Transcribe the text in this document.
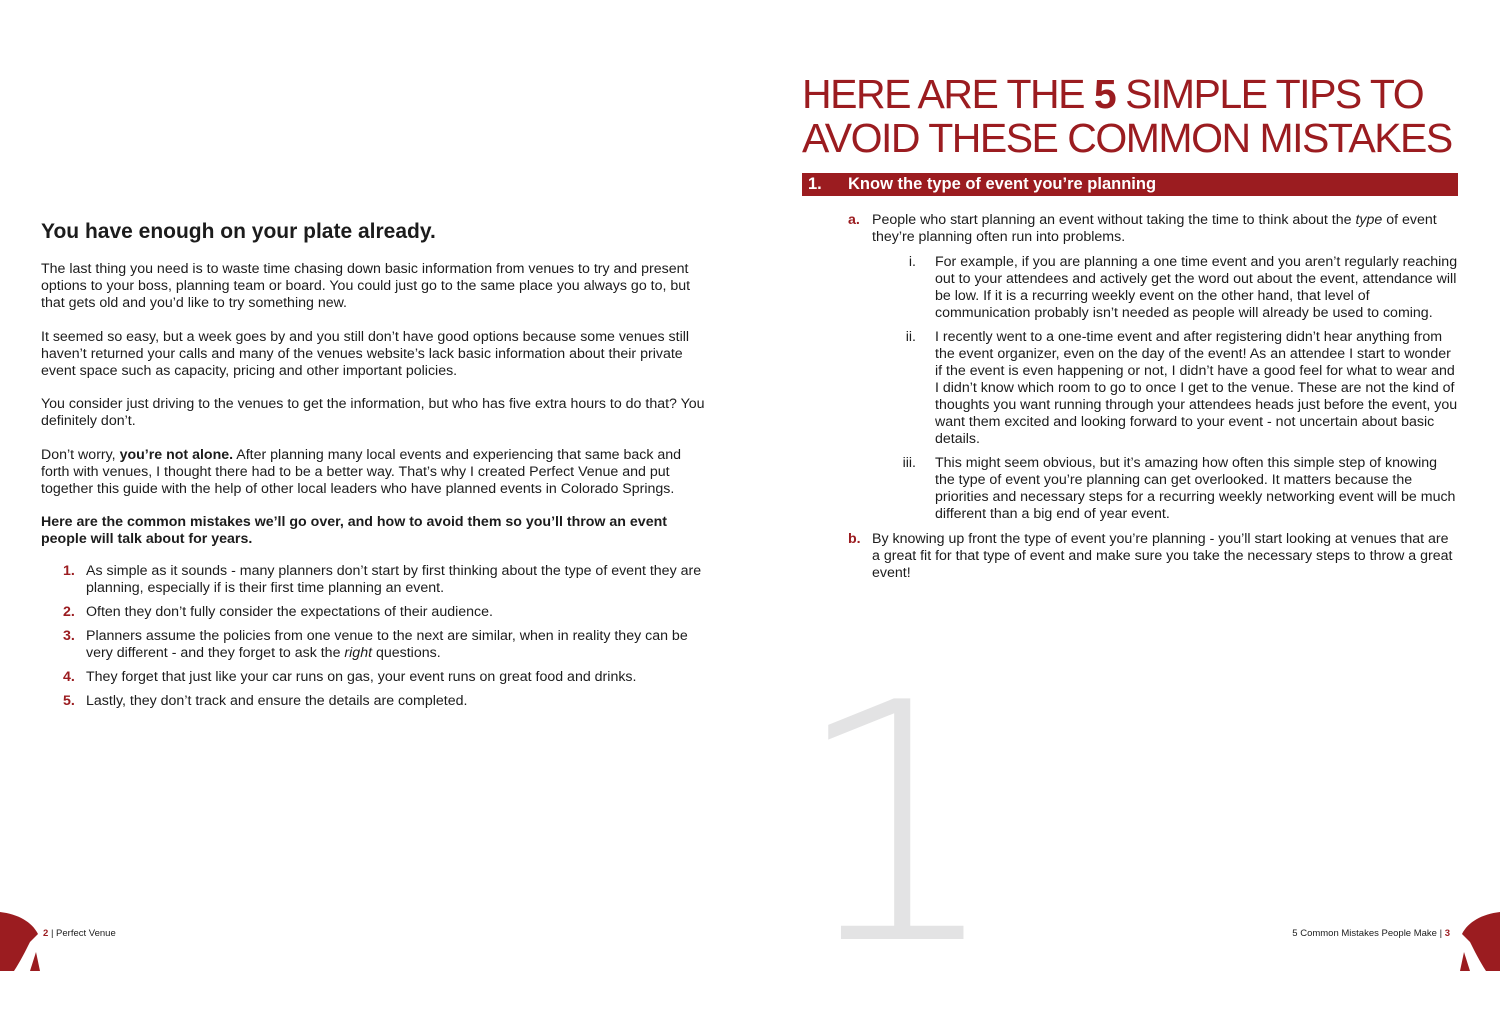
You have enough on your plate already.

The last thing you need is to waste time chasing down basic information from venues to try and present options to your boss, planning team or board. You could just go to the same place you always go to, but that gets old and you’d like to try something new.

It seemed so easy, but a week goes by and you still don’t have good options because some venues still haven’t returned your calls and many of the venues website’s lack basic information about their private event space such as capacity, pricing and other important policies.

You consider just driving to the venues to get the information, but who has five extra hours to do that? You definitely don’t.

Don’t worry, you’re not alone. After planning many local events and experiencing that same back and forth with venues, I thought there had to be a better way. That’s why I created Perfect Venue and put together this guide with the help of other local leaders who have planned events in Colorado Springs.

Here are the common mistakes we’ll go over, and how to avoid them so you’ll throw an event people will talk about for years.

1. As simple as it sounds - many planners don’t start by first thinking about the type of event they are planning, especially if is their first time planning an event.
2. Often they don’t fully consider the expectations of their audience.
3. Planners assume the policies from one venue to the next are similar, when in reality they can be very different - and they forget to ask the right questions.
4. They forget that just like your car runs on gas, your event runs on great food and drinks.
5. Lastly, they don’t track and ensure the details are completed.
2 | Perfect Venue 1
HERE ARE THE 5 SIMPLE TIPS TO
AVOID THESE COMMON MISTAKES
1. Know the type of event you’re planning
a. People who start planning an event without taking the time to think about the type of event they’re planning often run into problems.
i. For example, if you are planning a one time event and you aren’t regularly reaching out to your attendees and actively get the word out about the event, attendance will be low. If it is a recurring weekly event on the other hand, that level of communication probably isn’t needed as people will already be used to coming.
ii. I recently went to a one-time event and after registering didn’t hear anything from the event organizer, even on the day of the event! As an attendee I start to wonder if the event is even happening or not, I didn’t have a good feel for what to wear and I didn’t know which room to go to once I get to the venue. These are not the kind of thoughts you want running through your attendees heads just before the event, you want them excited and looking forward to your event - not uncertain about basic details.
iii. This might seem obvious, but it’s amazing how often this simple step of knowing the type of event you’re planning can get overlooked. It matters because the priorities and necessary steps for a recurring weekly networking event will be much different than a big end of year event.
b. By knowing up front the type of event you’re planning - you’ll start looking at venues that are a great fit for that type of event and make sure you take the necessary steps to throw a great event!
5 Common Mistakes People Make | 3
